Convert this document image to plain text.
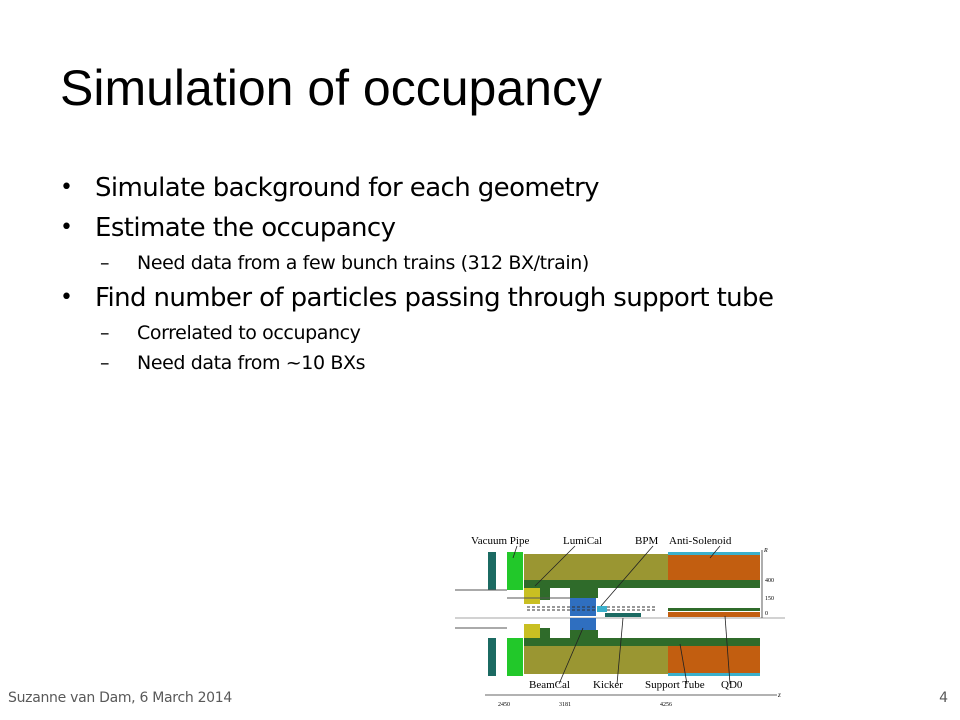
Simulation of occupancy
• Simulate background for each geometry
• Estimate the occupancy
– Need data from a few bunch trains (312 BX/train)
• Find number of particles passing through support tube
– Correlated to occupancy
– Need data from ~10 BXs
Vacuum Pipe	LumiCal	BPM Anti-Solenoid
BeamCal Kicker Support Tube QD0
R
400
150
0
z
2450	3181	4256
Suzanne van Dam, 6 March 2014	4
